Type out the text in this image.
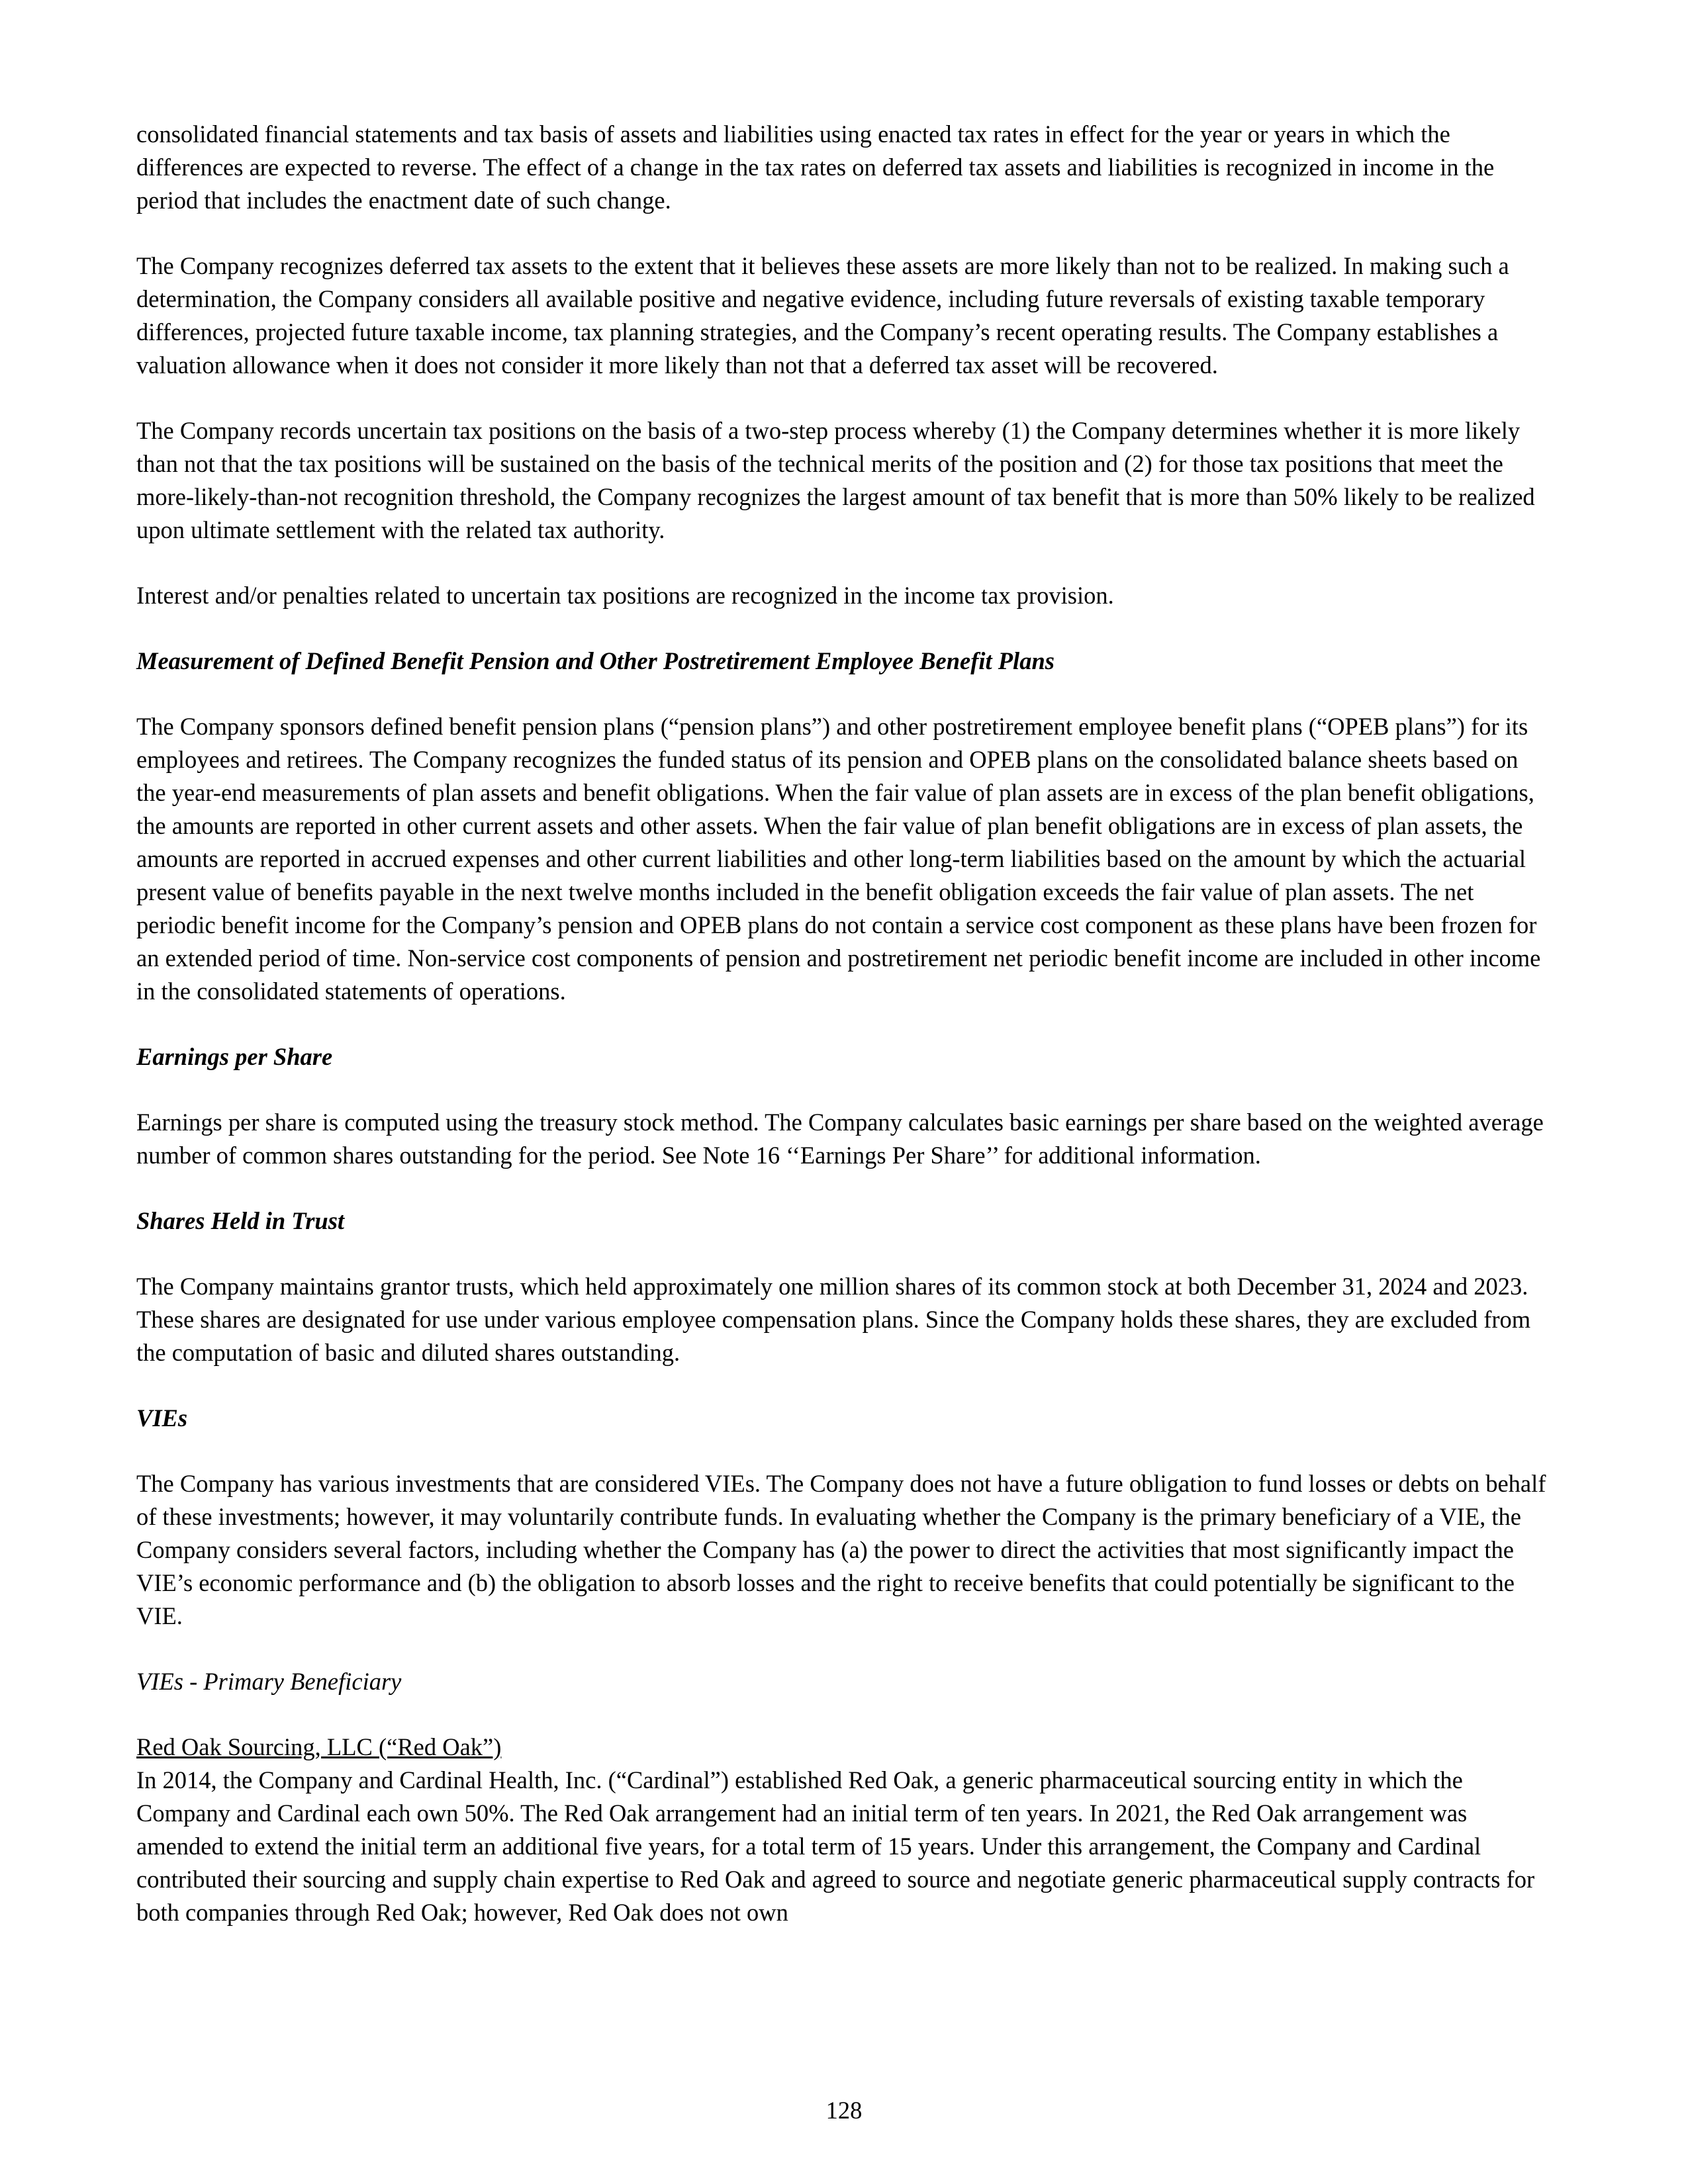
consolidated financial statements and tax basis of assets and liabilities using enacted tax rates in effect for the year or years in which the differences are expected to reverse. The effect of a change in the tax rates on deferred tax assets and liabilities is recognized in income in the period that includes the enactment date of such change.

The Company recognizes deferred tax assets to the extent that it believes these assets are more likely than not to be realized. In making such a determination, the Company considers all available positive and negative evidence, including future reversals of existing taxable temporary differences, projected future taxable income, tax planning strategies, and the Company’s recent operating results. The Company establishes a valuation allowance when it does not consider it more likely than not that a deferred tax asset will be recovered.

The Company records uncertain tax positions on the basis of a two-step process whereby (1) the Company determines whether it is more likely than not that the tax positions will be sustained on the basis of the technical merits of the position and (2) for those tax positions that meet the more-likely-than-not recognition threshold, the Company recognizes the largest amount of tax benefit that is more than 50% likely to be realized upon ultimate settlement with the related tax authority.

Interest and/or penalties related to uncertain tax positions are recognized in the income tax provision.

Measurement of Defined Benefit Pension and Other Postretirement Employee Benefit Plans

The Company sponsors defined benefit pension plans (“pension plans”) and other postretirement employee benefit plans (“OPEB plans”) for its employees and retirees. The Company recognizes the funded status of its pension and OPEB plans on the consolidated balance sheets based on the year-end measurements of plan assets and benefit obligations. When the fair value of plan assets are in excess of the plan benefit obligations, the amounts are reported in other current assets and other assets. When the fair value of plan benefit obligations are in excess of plan assets, the amounts are reported in accrued expenses and other current liabilities and other long-term liabilities based on the amount by which the actuarial present value of benefits payable in the next twelve months included in the benefit obligation exceeds the fair value of plan assets. The net periodic benefit income for the Company’s pension and OPEB plans do not contain a service cost component as these plans have been frozen for an extended period of time. Non-service cost components of pension and postretirement net periodic benefit income are included in other income in the consolidated statements of operations.

Earnings per Share

Earnings per share is computed using the treasury stock method. The Company calculates basic earnings per share based on the weighted average number of common shares outstanding for the period. See Note 16 ‘‘Earnings Per Share’’ for additional information.

Shares Held in Trust

The Company maintains grantor trusts, which held approximately one million shares of its common stock at both December 31, 2024 and 2023. These shares are designated for use under various employee compensation plans. Since the Company holds these shares, they are excluded from the computation of basic and diluted shares outstanding.

VIEs

The Company has various investments that are considered VIEs. The Company does not have a future obligation to fund losses or debts on behalf of these investments; however, it may voluntarily contribute funds. In evaluating whether the Company is the primary beneficiary of a VIE, the Company considers several factors, including whether the Company has (a) the power to direct the activities that most significantly impact the VIE’s economic performance and (b) the obligation to absorb losses and the right to receive benefits that could potentially be significant to the VIE.

VIEs - Primary Beneficiary

Red Oak Sourcing, LLC (“Red Oak”)

In 2014, the Company and Cardinal Health, Inc. (“Cardinal”) established Red Oak, a generic pharmaceutical sourcing entity in which the Company and Cardinal each own 50%. The Red Oak arrangement had an initial term of ten years. In 2021, the Red Oak arrangement was amended to extend the initial term an additional five years, for a total term of 15 years. Under this arrangement, the Company and Cardinal contributed their sourcing and supply chain expertise to Red Oak and agreed to source and negotiate generic pharmaceutical supply contracts for both companies through Red Oak; however, Red Oak does not own

128
